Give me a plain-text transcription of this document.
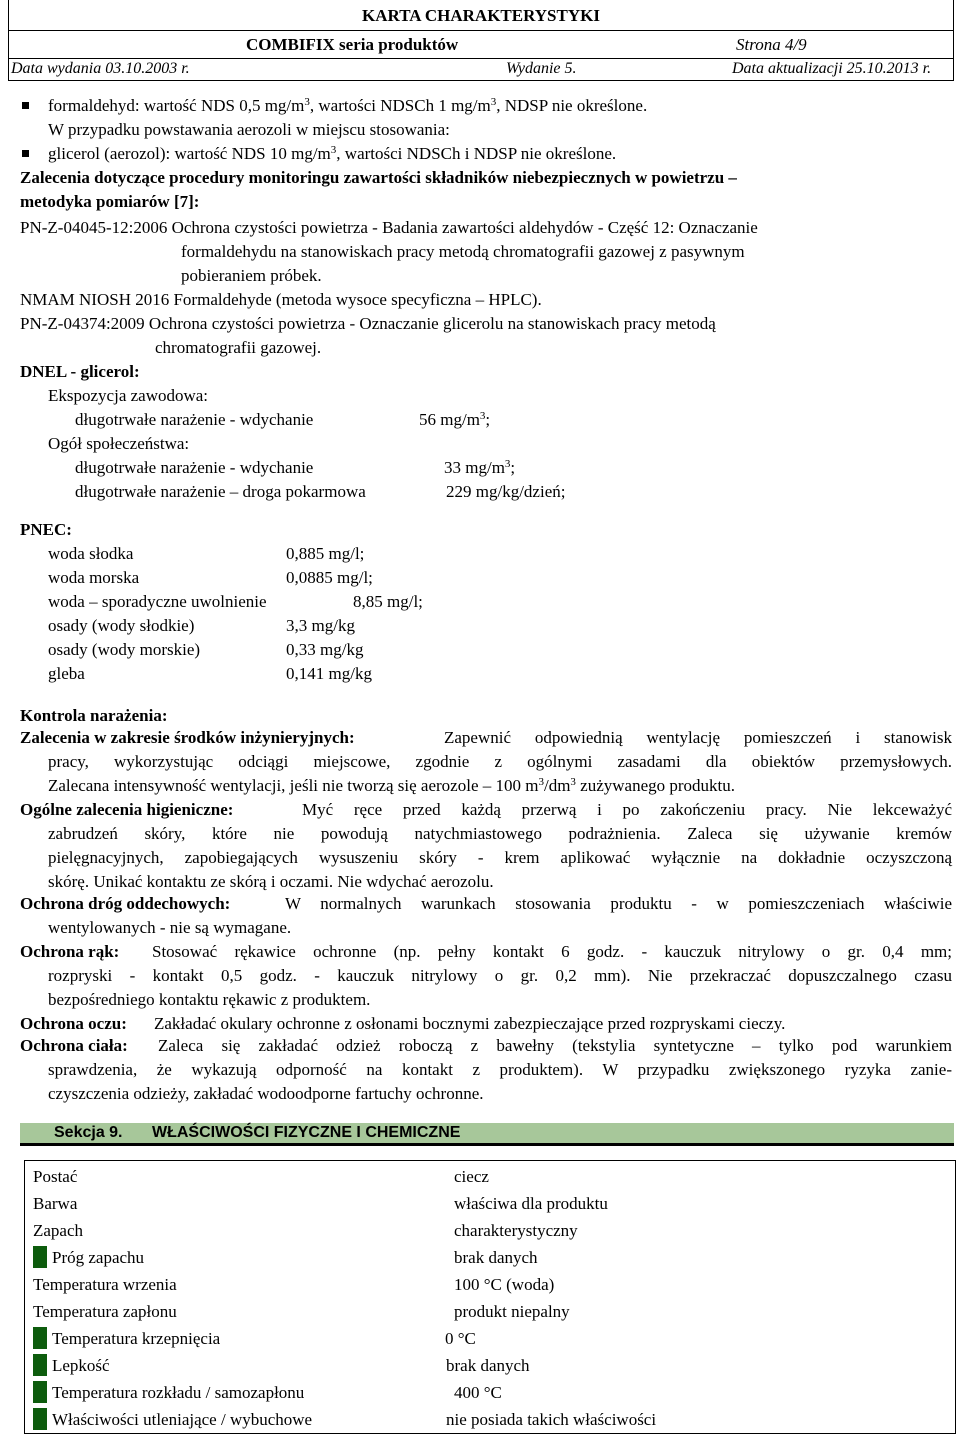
KARTA CHARAKTERYSTYKI
COMBIFIX seria produktów	Strona 4/9
Data wydania 03.10.2003 r.	Wydanie 5.	Data aktualizacji 25.10.2013 r.
formaldehyd: wartość NDS 0,5 $mg/m^3$, wartości NDSCh 1 $mg/m^3$, NDSP nie określone.
W przypadku powstawania aerozoli w miejscu stosowania:
glicerol (aerozol): wartość NDS 10 $mg/m^3$, wartości NDSCh i NDSP nie określone.
Zalecenia dotyczące procedury monitoringu zawartości składników niebezpiecznych w powietrzu –
metodyka pomiarów [7]:
PN-Z-04045-12:2006 Ochrona czystości powietrza - Badania zawartości aldehydów - Część 12: Oznaczanie
formaldehydu na stanowiskach pracy metodą chromatografii gazowej z pasywnym
pobieraniem próbek.
NMAM NIOSH 2016 Formaldehyde (metoda wysoce specyficzna – HPLC).
PN-Z-04374:2009 Ochrona czystości powietrza - Oznaczanie glicerolu na stanowiskach pracy metodą
chromatografii gazowej.
DNEL - glicerol:
Ekspozycja zawodowa:
długotrwałe narażenie - wdychanie	56 $mg/m^3$;
Ogół społeczeństwa:
długotrwałe narażenie - wdychanie	33 $mg/m^3$;
długotrwałe narażenie – droga pokarmowa	229 mg/kg/dzień;
PNEC:
woda słodka	0,885 mg/l;
woda morska	0,0885 mg/l;
woda – sporadyczne uwolnienie	8,85 mg/l;
osady (wody słodkie)	3,3 mg/kg
osady (wody morskie)	0,33 mg/kg
gleba	0,141 mg/kg
Kontrola narażenia:
Zalecenia w zakresie środków inżynieryjnych:	Zapewnić odpowiednią wentylację pomieszczeń i stanowisk
pracy, wykorzystując odciągi miejscowe, zgodnie z ogólnymi zasadami dla obiektów przemysłowych.
Zalecana intensywność wentylacji, jeśli nie tworzą się aerozole – 100 $m^3/dm^3$ zużywanego produktu.
Ogólne zalecenia higieniczne:	Myć ręce przed każdą przerwą i po zakończeniu pracy. Nie lekceważyć
zabrudzeń skóry, które nie powodują natychmiastowego podrażnienia. Zaleca się używanie kremów
pielęgnacyjnych, zapobiegających wysuszeniu skóry - krem aplikować wyłącznie na dokładnie oczyszczoną
skórę. Unikać kontaktu ze skórą i oczami. Nie wdychać aerozolu.
Ochrona dróg oddechowych:	W normalnych warunkach stosowania produktu - w pomieszczeniach właściwie
wentylowanych - nie są wymagane.
Ochrona rąk: Stosować rękawice ochronne (np. pełny kontakt 6 godz. - kauczuk nitrylowy o gr. 0,4 mm;
rozpryski - kontakt 0,5 godz. - kauczuk nitrylowy o gr. 0,2 mm). Nie przekraczać dopuszczalnego czasu
bezpośredniego kontaktu rękawic z produktem.
Ochrona oczu: Zakładać okulary ochronne z osłonami bocznymi zabezpieczające przed rozpryskami cieczy.
Ochrona ciała: Zaleca się zakładać odzież roboczą z bawełny (tekstylia syntetyczne – tylko pod warunkiem
sprawdzenia, że wykazują odporność na kontakt z produktem). W przypadku zwiększonego ryzyka zanie-
czyszczenia odzieży, zakładać wodoodporne fartuchy ochronne.
Sekcja 9. WŁAŚCIWOŚCI FIZYCZNE I CHEMICZNE
Postać	ciecz
Barwa	właściwa dla produktu
Zapach	charakterystyczny
Próg zapachu	brak danych
Temperatura wrzenia	100 °C (woda)
Temperatura zapłonu	produkt niepalny
Temperatura krzepnięcia	0 °C
Lepkość	brak danych
Temperatura rozkładu / samozapłonu	400 °C
Właściwości utleniające / wybuchowe	nie posiada takich właściwości
